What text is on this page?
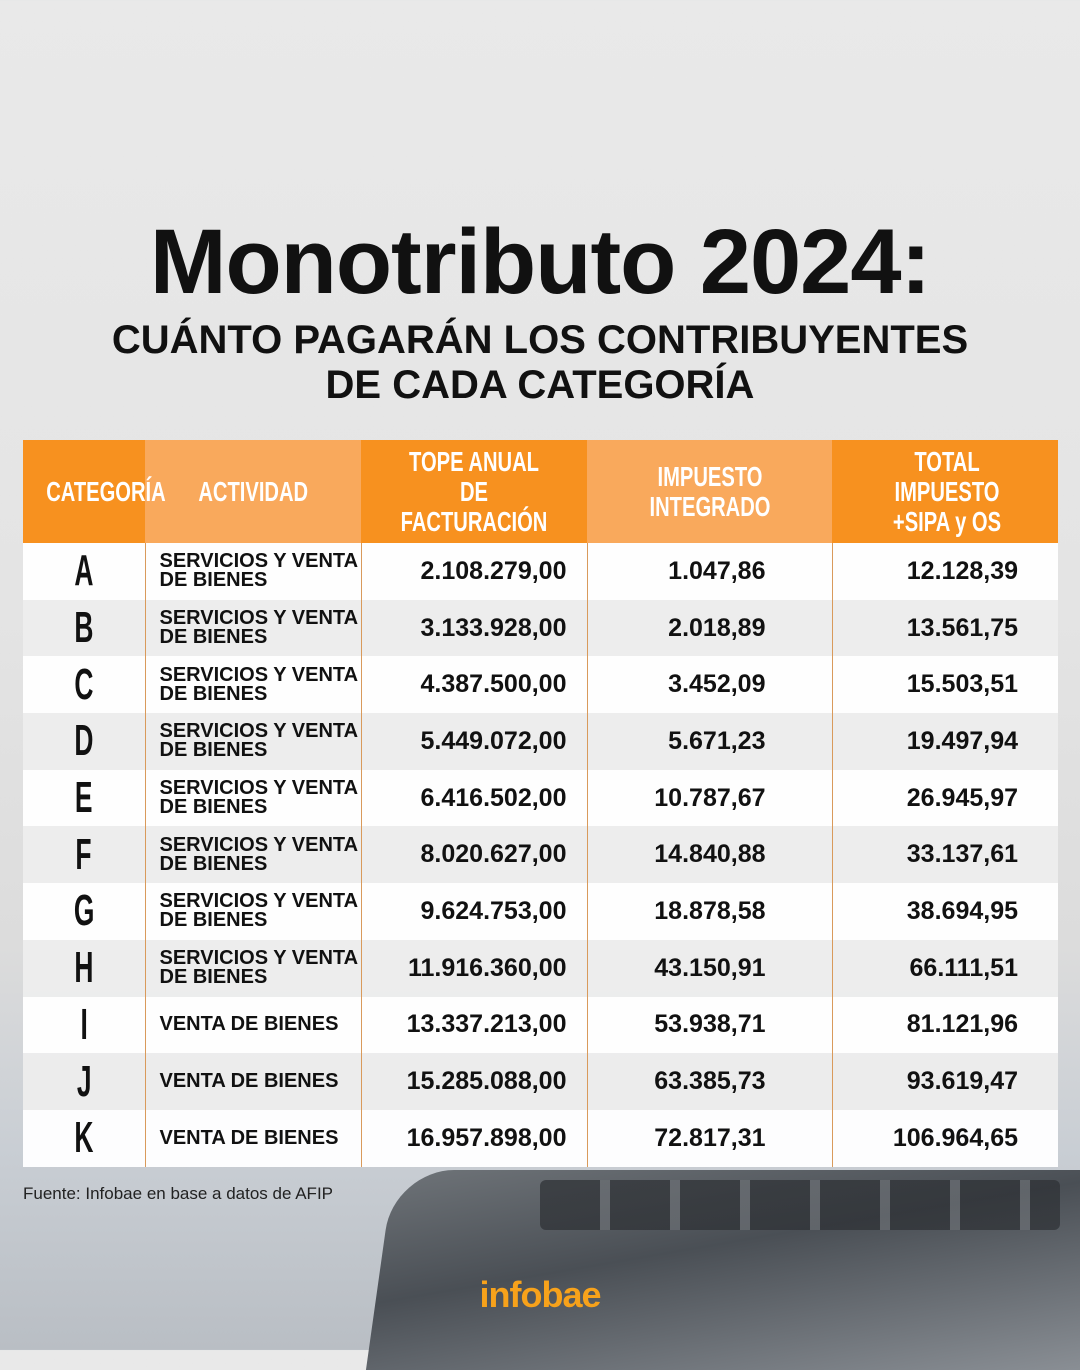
Monotributo 2024:
CUÁNTO PAGARÁN LOS CONTRIBUYENTES
DE CADA CATEGORÍA
CATEGORÍA	ACTIVIDAD	TOPE ANUAL DE FACTURACIÓN	IMPUESTO INTEGRADO	TOTAL IMPUESTO +SIPA y OS
A	SERVICIOS Y VENTA DE BIENES	2.108.279,00	1.047,86	12.128,39
B	SERVICIOS Y VENTA DE BIENES	3.133.928,00	2.018,89	13.561,75
C	SERVICIOS Y VENTA DE BIENES	4.387.500,00	3.452,09	15.503,51
D	SERVICIOS Y VENTA DE BIENES	5.449.072,00	5.671,23	19.497,94
E	SERVICIOS Y VENTA DE BIENES	6.416.502,00	10.787,67	26.945,97
F	SERVICIOS Y VENTA DE BIENES	8.020.627,00	14.840,88	33.137,61
G	SERVICIOS Y VENTA DE BIENES	9.624.753,00	18.878,58	38.694,95
H	SERVICIOS Y VENTA DE BIENES	11.916.360,00	43.150,91	66.111,51
I	VENTA DE BIENES	13.337.213,00	53.938,71	81.121,96
J	VENTA DE BIENES	15.285.088,00	63.385,73	93.619,47
K	VENTA DE BIENES	16.957.898,00	72.817,31	106.964,65
Fuente: Infobae en base a datos de AFIP
infobae
